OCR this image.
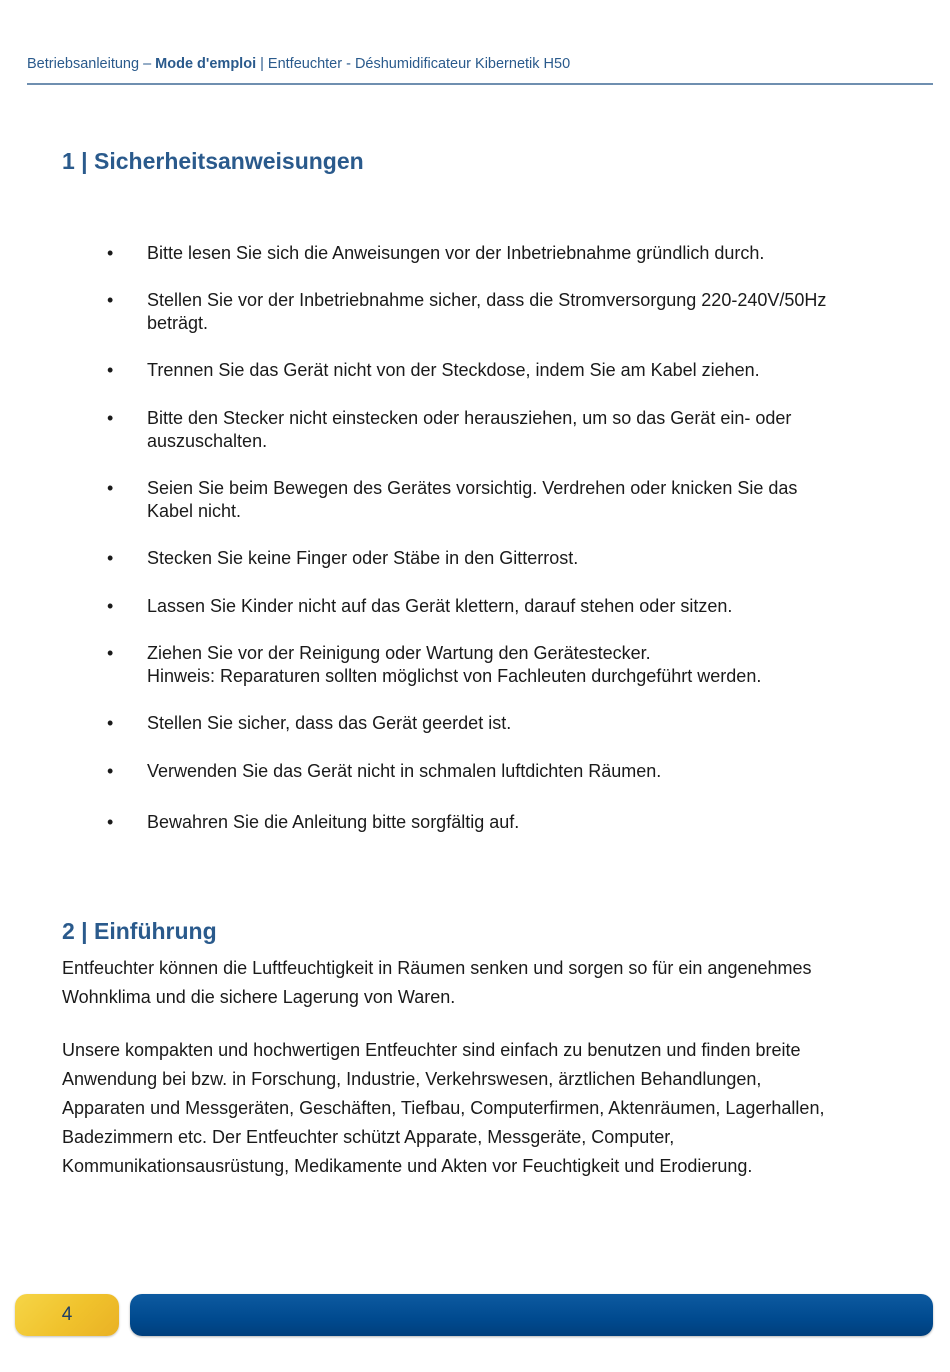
Betriebsanleitung – Mode d'emploi | Entfeuchter - Déshumidificateur Kibernetik H50
1 | Sicherheitsanweisungen
• Bitte lesen Sie sich die Anweisungen vor der Inbetriebnahme gründlich durch.
• Stellen Sie vor der Inbetriebnahme sicher, dass die Stromversorgung 220-240V/50Hz
beträgt.
• Trennen Sie das Gerät nicht von der Steckdose, indem Sie am Kabel ziehen.
• Bitte den Stecker nicht einstecken oder herausziehen, um so das Gerät ein- oder
auszuschalten.
• Seien Sie beim Bewegen des Gerätes vorsichtig. Verdrehen oder knicken Sie das
Kabel nicht.
• Stecken Sie keine Finger oder Stäbe in den Gitterrost.
• Lassen Sie Kinder nicht auf das Gerät klettern, darauf stehen oder sitzen.
• Ziehen Sie vor der Reinigung oder Wartung den Gerätestecker.
Hinweis: Reparaturen sollten möglichst von Fachleuten durchgeführt werden.
• Stellen Sie sicher, dass das Gerät geerdet ist.
• Verwenden Sie das Gerät nicht in schmalen luftdichten Räumen.
• Bewahren Sie die Anleitung bitte sorgfältig auf.
2 | Einführung

Entfeuchter können die Luftfeuchtigkeit in Räumen senken und sorgen so für ein angenehmes
Wohnklima und die sichere Lagerung von Waren.

Unsere kompakten und hochwertigen Entfeuchter sind einfach zu benutzen und finden breite
Anwendung bei bzw. in Forschung, Industrie, Verkehrswesen, ärztlichen Behandlungen,
Apparaten und Messgeräten, Geschäften, Tiefbau, Computerfirmen, Aktenräumen, Lagerhallen,
Badezimmern etc. Der Entfeuchter schützt Apparate, Messgeräte, Computer,
Kommunikationsausrüstung, Medikamente und Akten vor Feuchtigkeit und Erodierung.

4
